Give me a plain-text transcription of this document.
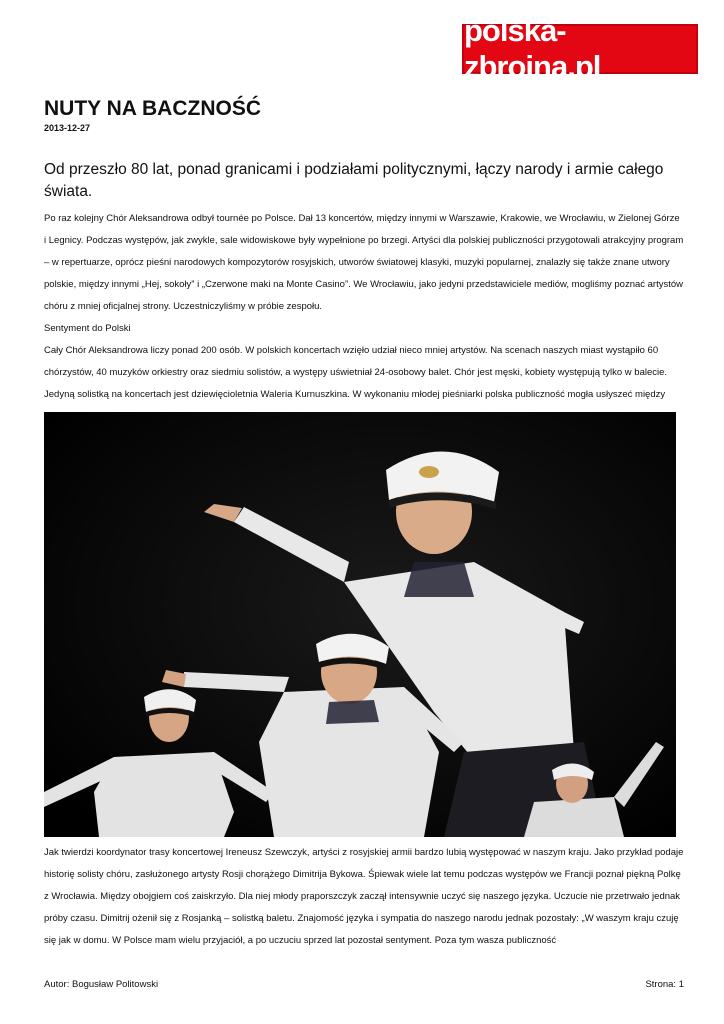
polska-zbrojna.pl
NUTY NA BACZNOŚĆ
2013-12-27

Od przeszło 80 lat, ponad granicami i podziałami politycznymi, łączy narody i armie całego świata.

Po raz kolejny Chór Aleksandrowa odbył tournée po Polsce. Dał 13 koncertów, między innymi w Warszawie, Krakowie, we Wrocławiu, w Zielonej Górze i Legnicy. Podczas występów, jak zwykle, sale widowiskowe były wypełnione po brzegi. Artyści dla polskiej publiczności przygotowali atrakcyjny program – w repertuarze, oprócz pieśni narodowych kompozytorów rosyjskich, utworów światowej klasyki, muzyki popularnej, znalazły się także znane utwory polskie, między innymi „Hej, sokoły” i „Czerwone maki na Monte Casino”. We Wrocławiu, jako jedyni przedstawiciele mediów, mogliśmy poznać artystów chóru z mniej oficjalnej strony. Uczestniczyliśmy w próbie zespołu.

Sentyment do Polski

Cały Chór Aleksandrowa liczy ponad 200 osób. W polskich koncertach wzięło udział nieco mniej artystów. Na scenach naszych miast wystąpiło 60 chórzystów, 40 muzyków orkiestry oraz siedmiu solistów, a występy uświetniał 24-osobowy balet. Chór jest męski, kobiety występują tylko w balecie. Jedyną solistką na koncertach jest dziewięcioletnia Waleria Kurnuszkina. W wykonaniu młodej pieśniarki polska publiczność mogła usłyszeć między

Jak twierdzi koordynator trasy koncertowej Ireneusz Szewczyk, artyści z rosyjskiej armii bardzo lubią występować w naszym kraju. Jako przykład podaje historię solisty chóru, zasłużonego artysty Rosji chorążego Dimitrija Bykowa. Śpiewak wiele lat temu podczas występów we Francji poznał piękną Polkę z Wrocławia. Między obojgiem coś zaiskrzyło. Dla niej młody praporszczyk zaczął intensywnie uczyć się naszego języka. Uczucie nie przetrwało jednak próby czasu. Dimitrij ożenił się z Rosjanką – solistką baletu. Znajomość języka i sympatia do naszego narodu jednak pozostały: „W waszym kraju czuję się jak w domu. W Polsce mam wielu przyjaciół, a po uczuciu sprzed lat pozostał sentyment. Poza tym wasza publiczność

Autor: Bogusław Politowski	Strona: 1
